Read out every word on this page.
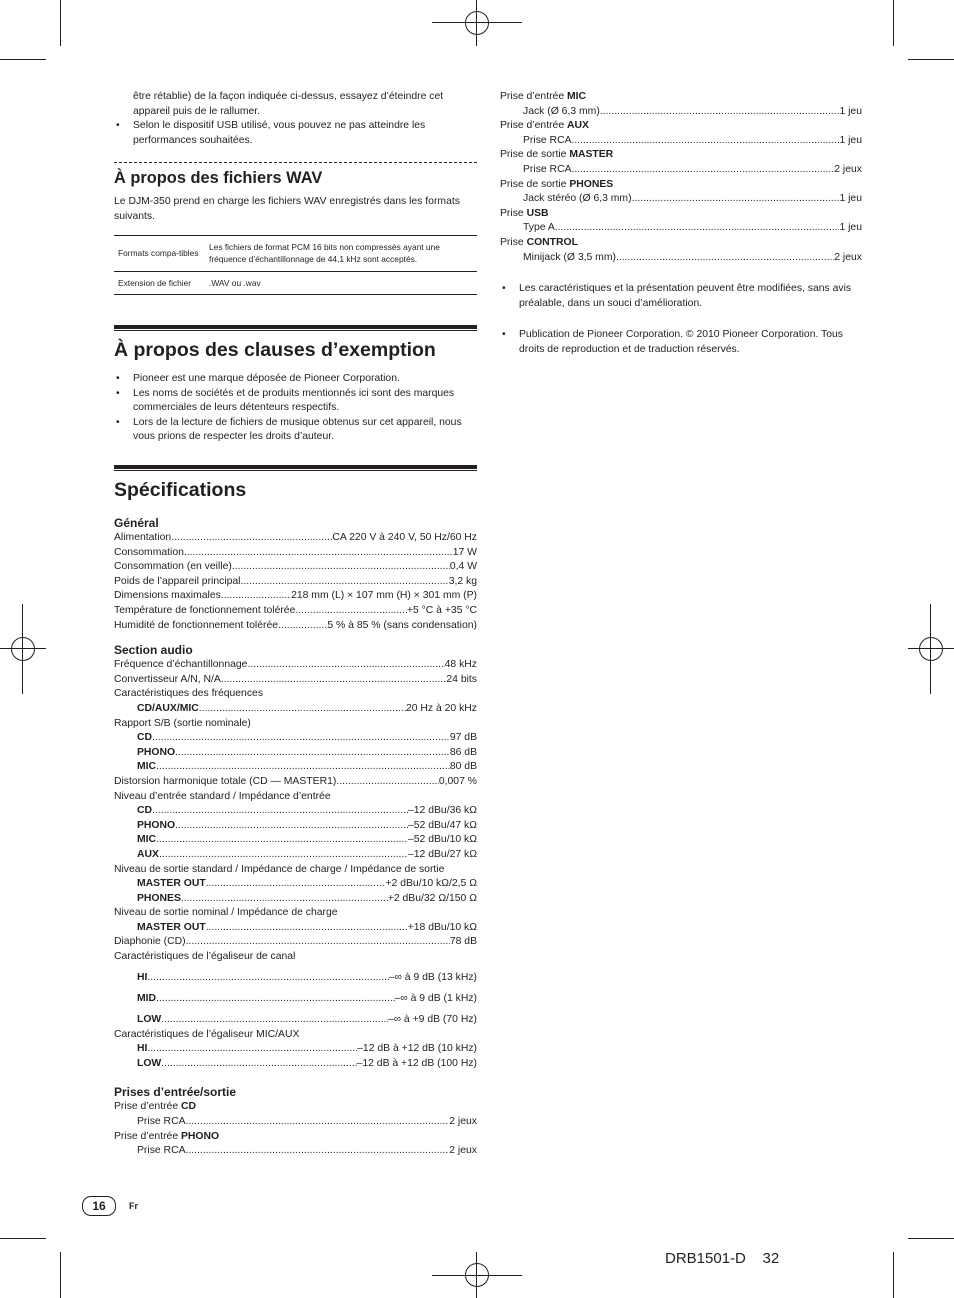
être rétablie) de la façon indiquée ci-dessus, essayez d’éteindre cet appareil puis de le rallumer.

• Selon le dispositif USB utilisé, vous pouvez ne pas atteindre les performances souhaitées.

À propos des fichiers WAV

Le DJM-350 prend en charge les fichiers WAV enregistrés dans les formats suivants.

Formats compa-tibles	Les fichiers de format PCM 16 bits non compressés ayant une fréquence d’échantillonnage de 44,1 kHz sont acceptés.
Extension de fichier	.WAV ou .wav
À propos des clauses d’exemption

• Pioneer est une marque déposée de Pioneer Corporation.

• Les noms de sociétés et de produits mentionnés ici sont des marques commerciales de leurs détenteurs respectifs.

• Lors de la lecture de fichiers de musique obtenus sur cet appareil, nous vous prions de respecter les droits d’auteur.

Spécifications
Général
Alimentation .....	CA 220 V à 240 V, 50 Hz/60 Hz
Consommation .....	17 W
Consommation (en veille) .....	0,4 W
Poids de l’appareil principal .....	3,2 kg
Dimensions maximales .....	218 mm (L) × 107 mm (H) × 301 mm (P)
Température de fonctionnement tolérée .....	+5 °C à +35 °C
Humidité de fonctionnement tolérée .....	5 % à 85 % (sans condensation)
Section audio
Fréquence d’échantillonnage .....	48 kHz
Convertisseur A/N, N/A .....	24 bits
Caractéristiques des fréquences
CD/AUX/MIC .....	20 Hz à 20 kHz
Rapport S/B (sortie nominale)
CD .....	97 dB
PHONO .....	86 dB
MIC .....	80 dB
Distorsion harmonique totale (CD — MASTER1) .....	0,007 %
Niveau d’entrée standard / Impédance d’entrée
CD .....	–12 dBu/36 kΩ
PHONO .....	–52 dBu/47 kΩ
MIC .....	–52 dBu/10 kΩ
AUX .....	–12 dBu/27 kΩ
Niveau de sortie standard / Impédance de charge / Impédance de sortie
MASTER OUT .....	+2 dBu/10 kΩ/2,5 Ω
PHONES .....	+2 dBu/32 Ω/150 Ω
Niveau de sortie nominal / Impédance de charge
MASTER OUT .....	+18 dBu/10 kΩ
Diaphonie (CD) .....	78 dB
Caractéristiques de l’égaliseur de canal
HI .....	–∞ à 9 dB (13 kHz)
MID .....	–∞ à 9 dB (1 kHz)
LOW .....	–∞ à +9 dB (70 Hz)
Caractéristiques de l’égaliseur MIC/AUX
HI .....	–12 dB à +12 dB (10 kHz)
LOW .....	–12 dB à +12 dB (100 Hz)
Prises d’entrée/sortie
Prise d’entrée CD
Prise RCA .....	2 jeux
Prise d’entrée PHONO
Prise RCA .....	2 jeux
Prise d’entrée MIC
Jack (Ø 6,3 mm) .....	1 jeu
Prise d’entrée AUX
Prise RCA .....	1 jeu
Prise de sortie MASTER
Prise RCA .....	2 jeux
Prise de sortie PHONES
Jack stéréo (Ø 6,3 mm) .....	1 jeu
Prise USB
Type A .....	1 jeu
Prise CONTROL
Minijack (Ø 3,5 mm) .....	2 jeux

• Les caractéristiques et la présentation peuvent être modifiées, sans avis préalable, dans un souci d’amélioration.

• Publication de Pioneer Corporation. © 2010 Pioneer Corporation. Tous droits de reproduction et de traduction réservés.

16	Fr
DRB1501-D    32
